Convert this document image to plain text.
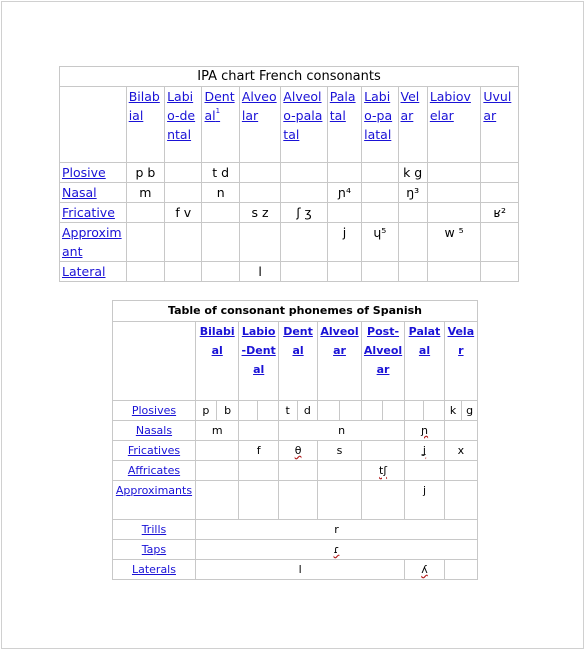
IPA chart French consonants										

	Bilabial	Labio-dental	Dental$^1$	Alveolar	Alveolo-palatal	Palatal	Labio-palatal	Velar	Labiovelar	Uvular

Plosive	p b		t d					k g		
Nasal	m		n			ɲ⁴		ŋ³		
Fricative		f v		s z	ʃ ʒ					ʁ²
Approximant						j	ɥ⁵		w ⁵	
Lateral				l						
Table of consonant phonemes of Spanish														

	Bilabial		Labio-Dental		Dental		Alveolar		Post-Alveolar		Palatal		Velar	

Plosives	p	b			t	d							k	g
Nasals	m				n						ɲ			
Fricatives			f		θ		s				ʝ		x	
Affricates									tʃ					
Approximants											j			
Trills	r													
Taps	ɾ													
Laterals	l										ʎ			
